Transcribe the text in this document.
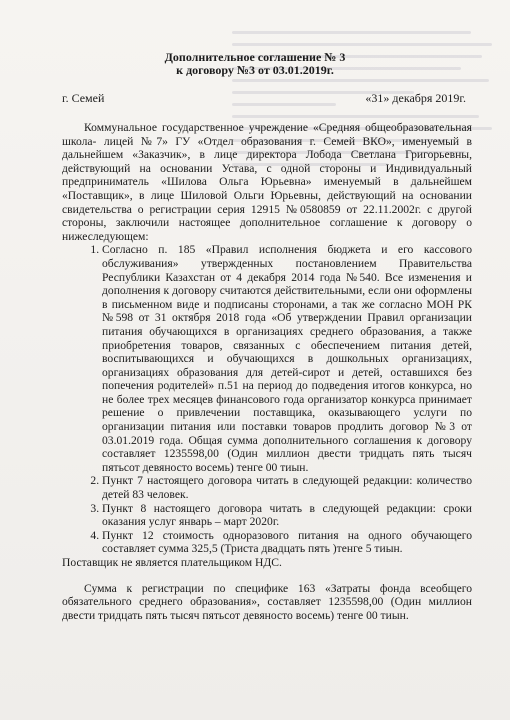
Дополнительное соглашение № 3
к договору №3 от 03.01.2019г.
г. Семей	«31» декабря 2019г.

Коммунальное государственное учреждение «Средняя общеобразовательная школа- лицей №7» ГУ «Отдел образования г. Семей ВКО», именуемый в дальнейшем «Заказчик», в лице директора Лобода Светлана Григорьевны, действующий на основании Устава, с одной стороны и Индивидуальный предприниматель «Шилова Ольга Юрьевна» именуемый в дальнейшем «Поставщик», в лице Шиловой Ольги Юрьевны, действующий на основании свидетельства о регистрации серия 12915 №0580859 от 22.11.2002г. с другой стороны, заключили настоящее дополнительное соглашение к договору о нижеследующем:

1. Согласно п. 185 «Правил исполнения бюджета и его кассового обслуживания» утвержденных постановлением Правительства Республики Казахстан от 4 декабря 2014 года №540. Все изменения и дополнения к договору считаются действительными, если они оформлены в письменном виде и подписаны сторонами, а так же согласно МОН РК №598 от 31 октября 2018 года «Об утверждении Правил организации питания обучающихся в организациях среднего образования, а также приобретения товаров, связанных с обеспечением питания детей, воспитывающихся и обучающихся в дошкольных организациях, организациях образования для детей-сирот и детей, оставшихся без попечения родителей» п.51 на период до подведения итогов конкурса, но не более трех месяцев финансового года организатор конкурса принимает решение о привлечении поставщика, оказывающего услуги по организации питания или поставки товаров продлить договор №3 от 03.01.2019 года. Общая сумма дополнительного соглашения к договору составляет 1235598,00 (Один миллион двести тридцать пять тысяч пятьсот девяносто восемь) тенге 00 тиын.
2. Пункт 7 настоящего договора читать в следующей редакции: количество детей 83 человек.
3. Пункт 8 настоящего договора читать в следующей редакции: сроки оказания услуг январь – март 2020г.
4. Пункт 12 стоимость одноразового питания на одного обучающего составляет сумма 325,5 (Триста двадцать пять )тенге 5 тиын.

Поставщик не является плательщиком НДС.

Сумма к регистрации по специфике 163 «Затраты фонда всеобщего обязательного среднего образования», составляет 1235598,00 (Один миллион двести тридцать пять тысяч пятьсот девяносто восемь) тенге 00 тиын.
